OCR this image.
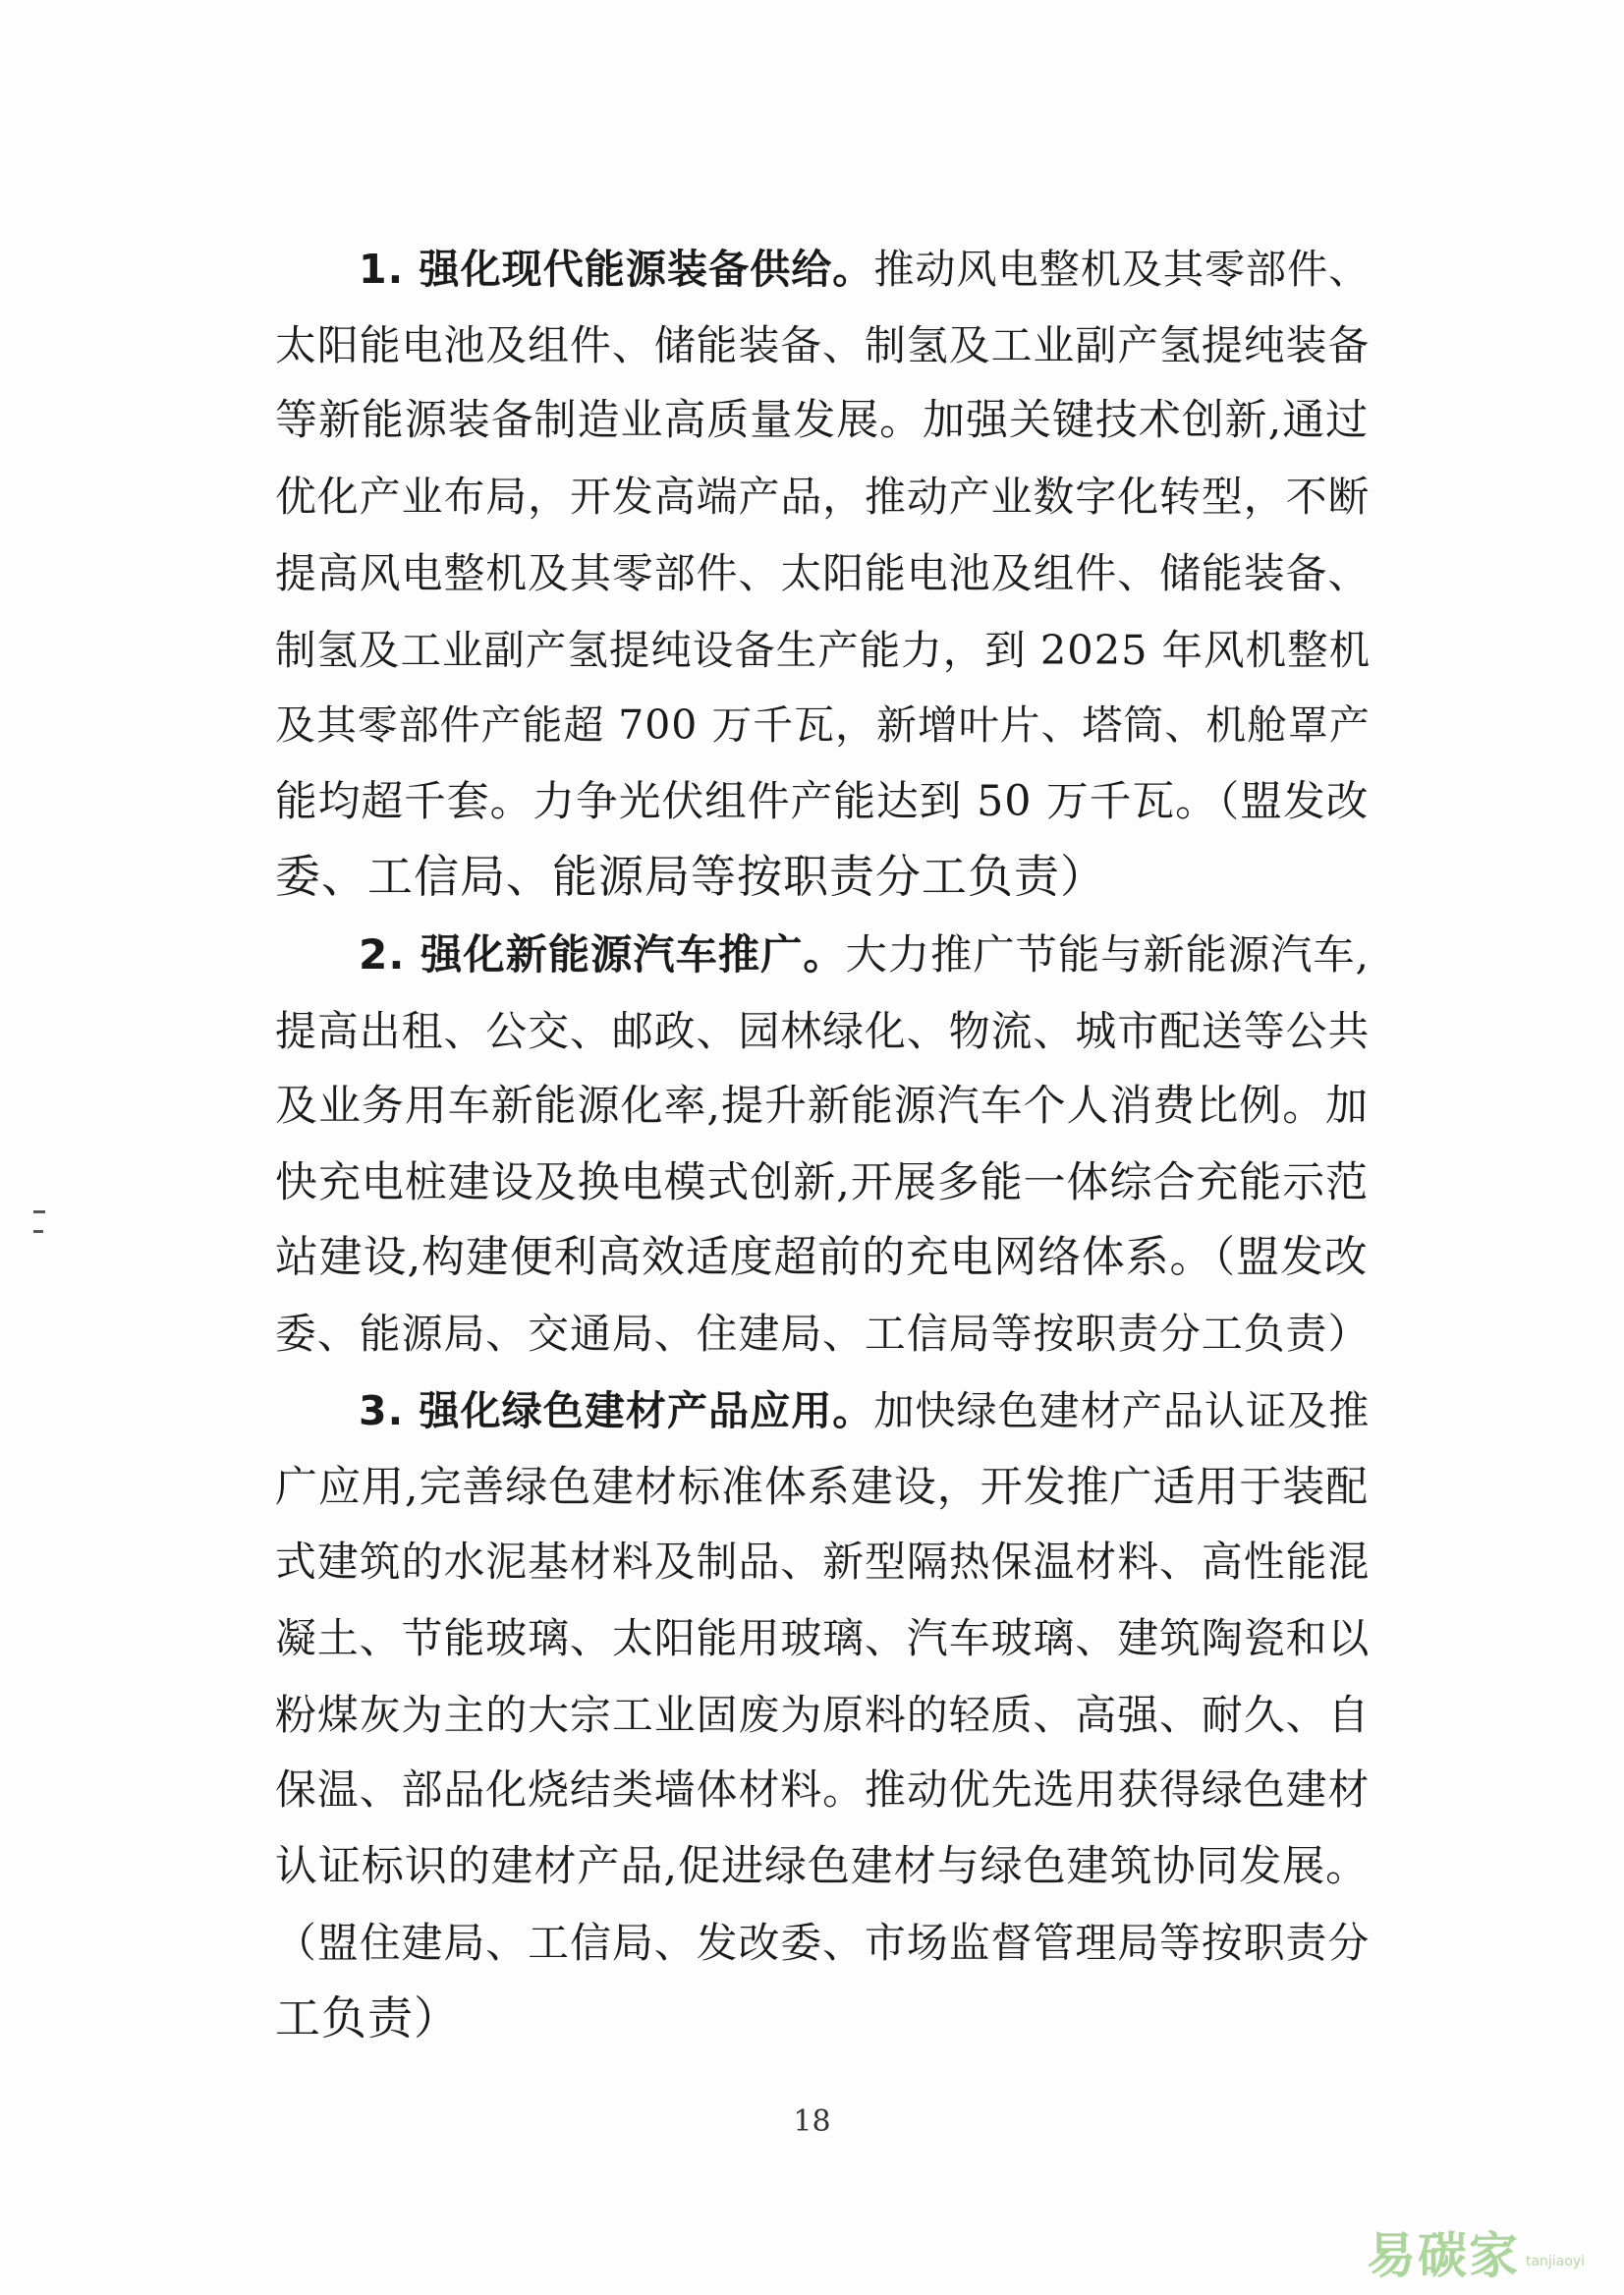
1. 强化现代能源装备供给。推动风电整机及其零部件、
太阳能电池及组件、储能装备、制氢及工业副产氢提纯装备
等新能源装备制造业高质量发展。加强关键技术创新,通过
优化产业布局，开发高端产品，推动产业数字化转型，不断
提高风电整机及其零部件、太阳能电池及组件、储能装备、
制氢及工业副产氢提纯设备生产能力，到 2025 年风机整机
及其零部件产能超 700 万千瓦，新增叶片、塔筒、机舱罩产
能均超千套。力争光伏组件产能达到 50 万千瓦。（盟发改
委、工信局、能源局等按职责分工负责）
2. 强化新能源汽车推广。大力推广节能与新能源汽车,
提高出租、公交、邮政、园林绿化、物流、城市配送等公共
及业务用车新能源化率,提升新能源汽车个人消费比例。加
快充电桩建设及换电模式创新,开展多能一体综合充能示范
站建设,构建便利高效适度超前的充电网络体系。（盟发改
委、能源局、交通局、住建局、工信局等按职责分工负责）
3. 强化绿色建材产品应用。加快绿色建材产品认证及推
广应用,完善绿色建材标准体系建设，开发推广适用于装配
式建筑的水泥基材料及制品、新型隔热保温材料、高性能混
凝土、节能玻璃、太阳能用玻璃、汽车玻璃、建筑陶瓷和以
粉煤灰为主的大宗工业固废为原料的轻质、高强、耐久、自
保温、部品化烧结类墙体材料。推动优先选用获得绿色建材
认证标识的建材产品,促进绿色建材与绿色建筑协同发展。
（盟住建局、工信局、发改委、市场监督管理局等按职责分
工负责）
18
易碳家 tanjiaoyi
